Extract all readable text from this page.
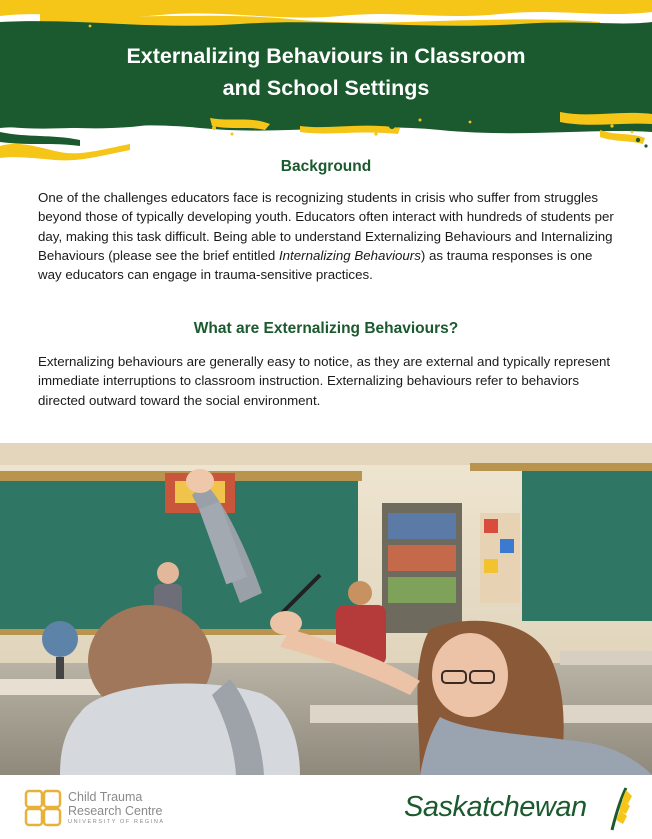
Externalizing Behaviours in Classroom
and School Settings
Background
One of the challenges educators face is recognizing students in crisis who suffer from struggles beyond those of typically developing youth. Educators often interact with hundreds of students per day, making this task difficult. Being able to understand Externalizing Behaviours and Internalizing Behaviours (please see the brief entitled Internalizing Behaviours) as trauma responses is one way educators can engage in trauma-sensitive practices.
What are Externalizing Behaviours?
Externalizing behaviours are generally easy to notice, as they are external and typically represent immediate interruptions to classroom instruction. Externalizing behaviours refer to behaviors directed outward toward the social environment.
Child Trauma
Research Centre
UNIVERSITY OF REGINA	Saskatchewan
